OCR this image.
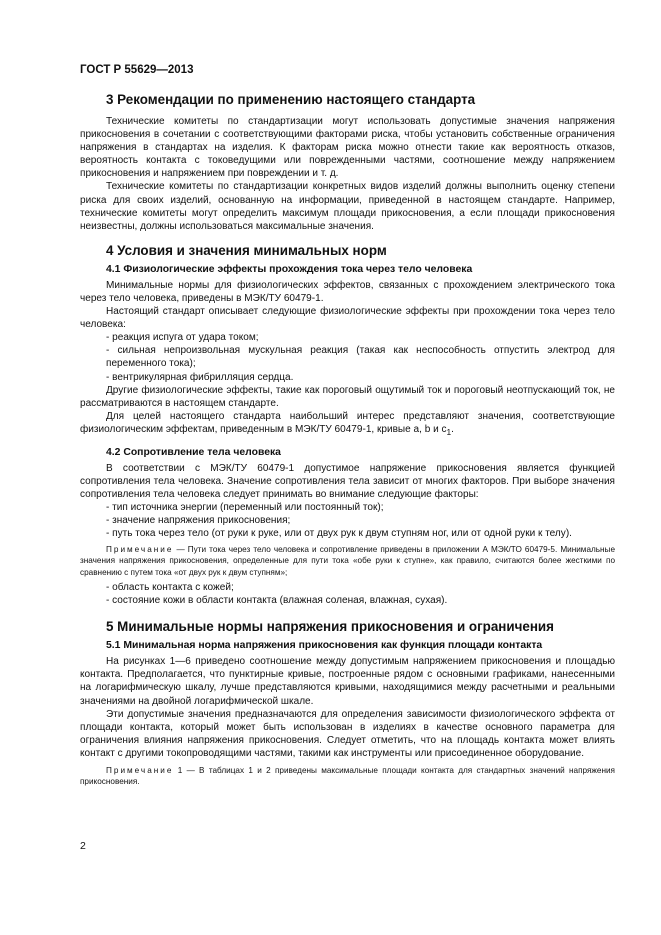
ГОСТ Р 55629—2013
3 Рекомендации по применению настоящего стандарта

Технические комитеты по стандартизации могут использовать допустимые значения напряжения прикосновения в сочетании с соответствующими факторами риска, чтобы установить собственные ограничения напряжения в стандартах на изделия. К факторам риска можно отнести такие как вероятность отказов, вероятность контакта с токоведущими или поврежденными частями, соотношение между напряжением прикосновения и напряжением при повреждении и т. д.

Технические комитеты по стандартизации конкретных видов изделий должны выполнить оценку степени риска для своих изделий, основанную на информации, приведенной в настоящем стандарте. Например, технические комитеты могут определить максимум площади прикосновения, а если площади прикосновения неизвестны, должны использоваться максимальные значения.

4 Условия и значения минимальных норм
4.1 Физиологические эффекты прохождения тока через тело человека

Минимальные нормы для физиологических эффектов, связанных с прохождением электрического тока через тело человека, приведены в МЭК/ТУ 60479-1.

Настоящий стандарт описывает следующие физиологические эффекты при прохождении тока через тело человека:

- реакция испуга от удара током;

- сильная непроизвольная мускульная реакция (такая как неспособность отпустить электрод для переменного тока);

- вентрикулярная фибрилляция сердца.

Другие физиологические эффекты, такие как пороговый ощутимый ток и пороговый неотпускающий ток, не рассматриваются в настоящем стандарте.

Для целей настоящего стандарта наибольший интерес представляют значения, соответствующие физиологическим эффектам, приведенным в МЭК/ТУ 60479-1, кривые a, b и $c_1$.

4.2 Сопротивление тела человека

В соответствии с МЭК/ТУ 60479-1 допустимое напряжение прикосновения является функцией сопротивления тела человека. Значение сопротивления тела зависит от многих факторов. При выборе значения сопротивления тела человека следует принимать во внимание следующие факторы:

- тип источника энергии (переменный или постоянный ток);

- значение напряжения прикосновения;

- путь тока через тело (от руки к руке, или от двух рук к двум ступням ног, или от одной руки к телу).

Примечание — Пути тока через тело человека и сопротивление приведены в приложении А МЭК/ТО 60479-5. Минимальные значения напряжения прикосновения, определенные для пути тока «обе руки к ступне», как правило, считаются более жесткими по сравнению с путем тока «от двух рук к двум ступням»;

- область контакта с кожей;

- состояние кожи в области контакта (влажная соленая, влажная, сухая).

5 Минимальные нормы напряжения прикосновения и ограничения
5.1 Минимальная норма напряжения прикосновения как функция площади контакта

На рисунках 1—6 приведено соотношение между допустимым напряжением прикосновения и площадью контакта. Предполагается, что пунктирные кривые, построенные рядом с основными графиками, нанесенными на логарифмическую шкалу, лучше представляются кривыми, находящимися между расчетными и реальными значениями на двойной логарифмической шкале.

Эти допустимые значения предназначаются для определения зависимости физиологического эффекта от площади контакта, который может быть использован в изделиях в качестве основного параметра для ограничения влияния напряжения прикосновения. Следует отметить, что на площадь контакта может влиять контакт с другими токопроводящими частями, такими как инструменты или присоединенное оборудование.

Примечание 1 — В таблицах 1 и 2 приведены максимальные площади контакта для стандартных значений напряжения прикосновения.

2
